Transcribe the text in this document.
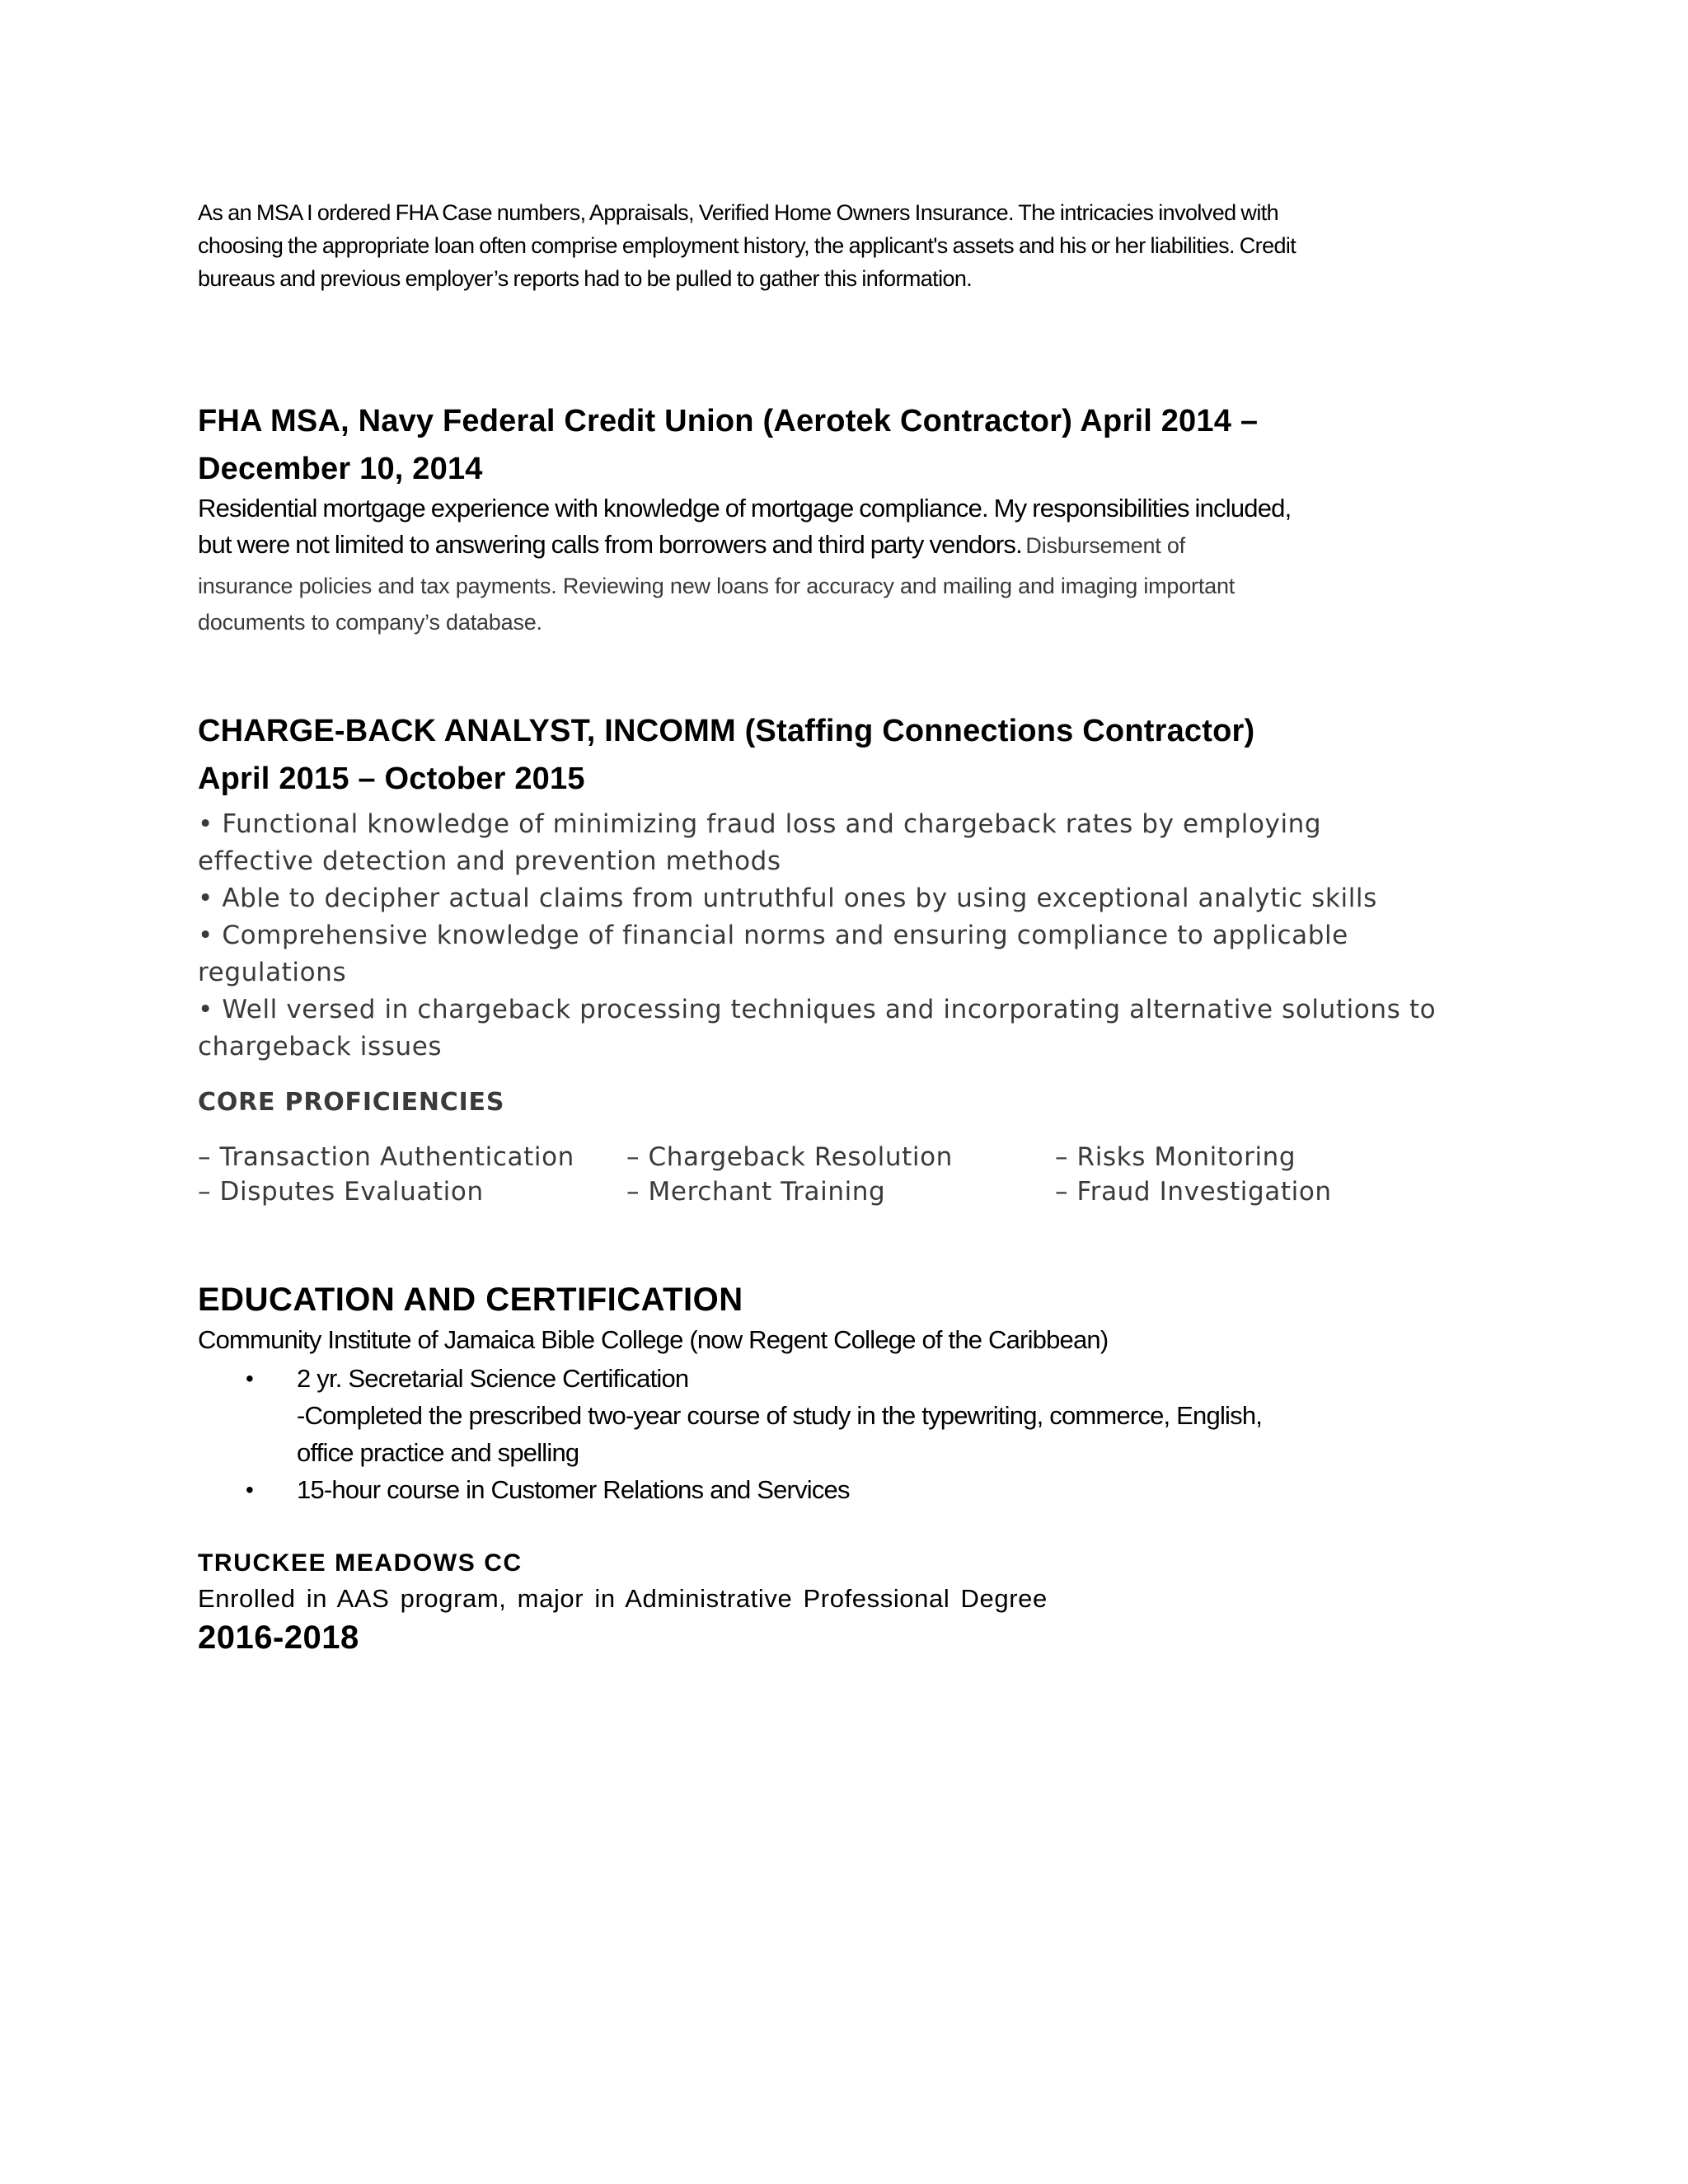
As an MSA I ordered FHA Case numbers, Appraisals, Verified Home Owners Insurance. The intricacies involved with
choosing the appropriate loan often comprise employment history, the applicant's assets and his or her liabilities. Credit
bureaus and previous employer’s reports had to be pulled to gather this information.
FHA MSA, Navy Federal Credit Union (Aerotek Contractor) April 2014 –
December 10, 2014
Residential mortgage experience with knowledge of mortgage compliance. My responsibilities included,
but were not limited to answering calls from borrowers and third party vendors. Disbursement of
insurance policies and tax payments. Reviewing new loans for accuracy and mailing and imaging important
documents to company’s database.
CHARGE-BACK ANALYST, INCOMM (Staffing Connections Contractor)
April 2015 – October 2015
• Functional knowledge of minimizing fraud loss and chargeback rates by employing
effective detection and prevention methods
• Able to decipher actual claims from untruthful ones by using exceptional analytic skills
• Comprehensive knowledge of financial norms and ensuring compliance to applicable
regulations
• Well versed in chargeback processing techniques and incorporating alternative solutions to
chargeback issues
CORE PROFICIENCIES
– Transaction Authentication	– Chargeback Resolution	– Risks Monitoring
– Disputes Evaluation	– Merchant Training	– Fraud Investigation
EDUCATION AND CERTIFICATION
Community Institute of Jamaica Bible College (now Regent College of the Caribbean)
• 2 yr. Secretarial Science Certification
-Completed the prescribed two-year course of study in the typewriting, commerce, English,
office practice and spelling
• 15-hour course in Customer Relations and Services
TRUCKEE MEADOWS CC
Enrolled in AAS program, major in Administrative Professional Degree
2016-2018
